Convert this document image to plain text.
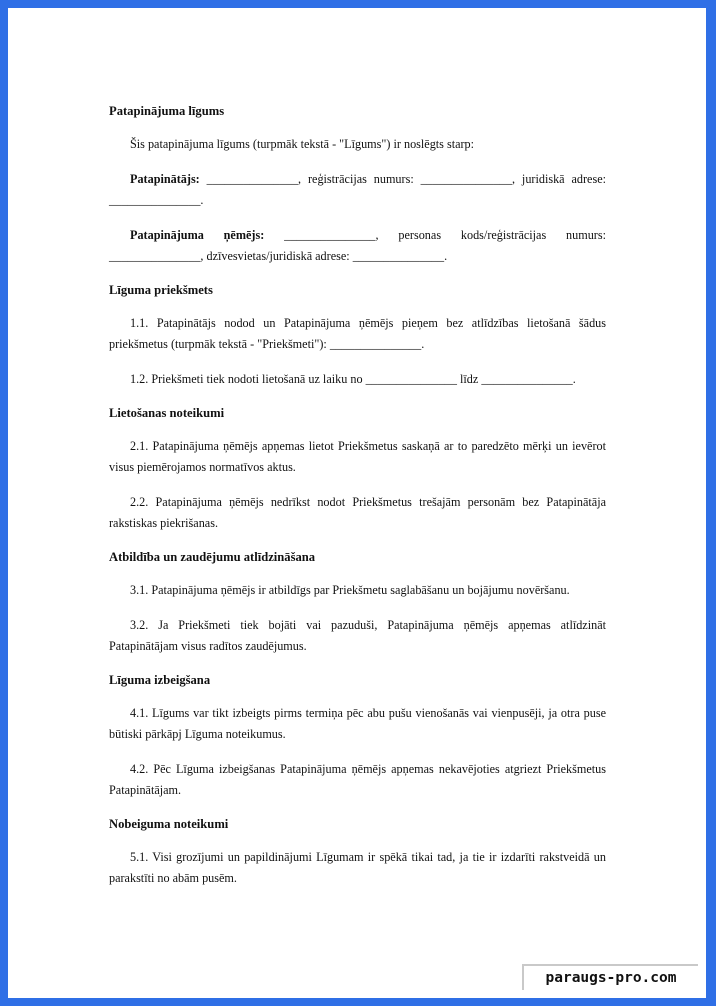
Patapinājuma līgums

Šis patapinājuma līgums (turpmāk tekstā - "Līgums") ir noslēgts starp:

Patapinātājs: _______________, reģistrācijas numurs: _______________, juridiskā adrese: _______________.

Patapinājuma ņēmējs: _______________, personas kods/reģistrācijas numurs: _______________, dzīvesvietas/juridiskā adrese: _______________.

Līguma priekšmets

1.1. Patapinātājs nodod un Patapinājuma ņēmējs pieņem bez atlīdzības lietošanā šādus priekšmetus (turpmāk tekstā - "Priekšmeti"): _______________.

1.2. Priekšmeti tiek nodoti lietošanā uz laiku no _______________ līdz _______________.

Lietošanas noteikumi

2.1. Patapinājuma ņēmējs apņemas lietot Priekšmetus saskaņā ar to paredzēto mērķi un ievērot visus piemērojamos normatīvos aktus.

2.2. Patapinājuma ņēmējs nedrīkst nodot Priekšmetus trešajām personām bez Patapinātāja rakstiskas piekrišanas.

Atbildība un zaudējumu atlīdzināšana

3.1. Patapinājuma ņēmējs ir atbildīgs par Priekšmetu saglabāšanu un bojājumu novēršanu.

3.2. Ja Priekšmeti tiek bojāti vai pazuduši, Patapinājuma ņēmējs apņemas atlīdzināt Patapinātājam visus radītos zaudējumus.

Līguma izbeigšana

4.1. Līgums var tikt izbeigts pirms termiņa pēc abu pušu vienošanās vai vienpusēji, ja otra puse būtiski pārkāpj Līguma noteikumus.

4.2. Pēc Līguma izbeigšanas Patapinājuma ņēmējs apņemas nekavējoties atgriezt Priekšmetus Patapinātājam.

Nobeiguma noteikumi

5.1. Visi grozījumi un papildinājumi Līgumam ir spēkā tikai tad, ja tie ir izdarīti rakstveidā un parakstīti no abām pusēm.

paraugs-pro.com
